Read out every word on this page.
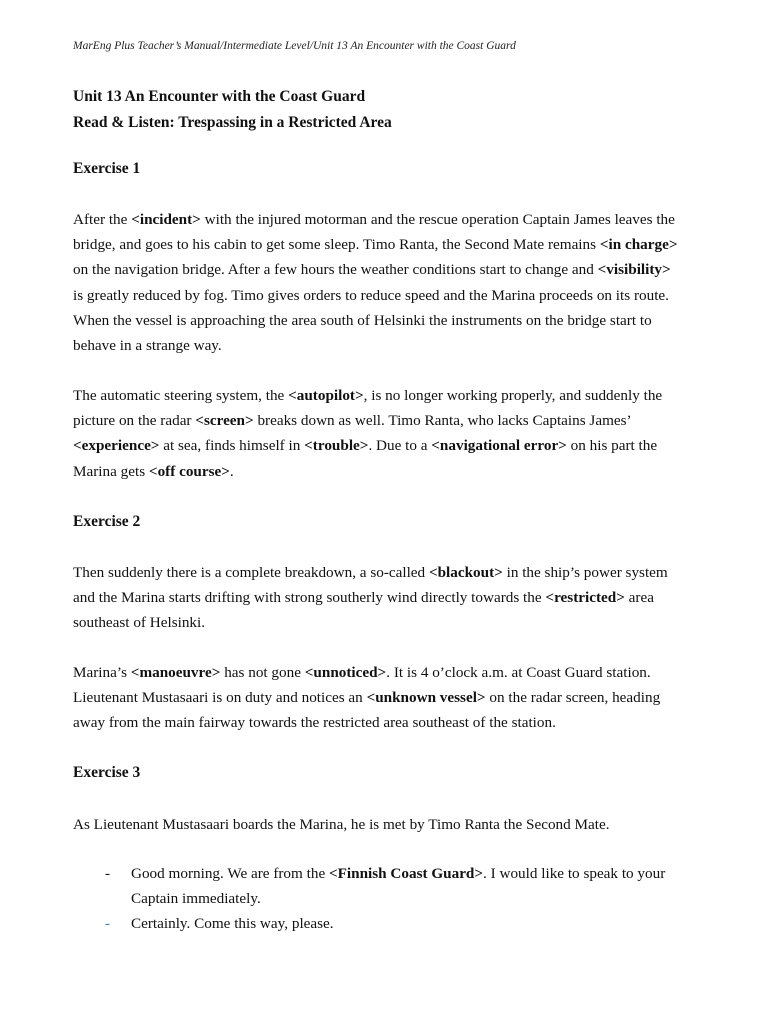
MarEng Plus Teacher’s Manual/Intermediate Level/Unit 13 An Encounter with the Coast Guard
Unit 13 An Encounter with the Coast Guard
Read & Listen: Trespassing in a Restricted Area
Exercise 1

After the <incident> with the injured motorman and the rescue operation Captain James leaves the
bridge, and goes to his cabin to get some sleep. Timo Ranta, the Second Mate remains <in charge>
on the navigation bridge. After a few hours the weather conditions start to change and <visibility>
is greatly reduced by fog. Timo gives orders to reduce speed and the Marina proceeds on its route.
When the vessel is approaching the area south of Helsinki the instruments on the bridge start to
behave in a strange way.

The automatic steering system, the <autopilot>, is no longer working properly, and suddenly the
picture on the radar <screen> breaks down as well. Timo Ranta, who lacks Captains James’
<experience> at sea, finds himself in <trouble>. Due to a <navigational error> on his part the
Marina gets <off course>.

Exercise 2

Then suddenly there is a complete breakdown, a so-called <blackout> in the ship’s power system
and the Marina starts drifting with strong southerly wind directly towards the <restricted> area
southeast of Helsinki.

Marina’s <manoeuvre> has not gone <unnoticed>. It is 4 o’clock a.m. at Coast Guard station.
Lieutenant Mustasaari is on duty and notices an <unknown vessel> on the radar screen, heading
away from the main fairway towards the restricted area southeast of the station.

Exercise 3

As Lieutenant Mustasaari boards the Marina, he is met by Timo Ranta the Second Mate.

- Good morning. We are from the <Finnish Coast Guard>. I would like to speak to your
Captain immediately.
- Certainly. Come this way, please.
